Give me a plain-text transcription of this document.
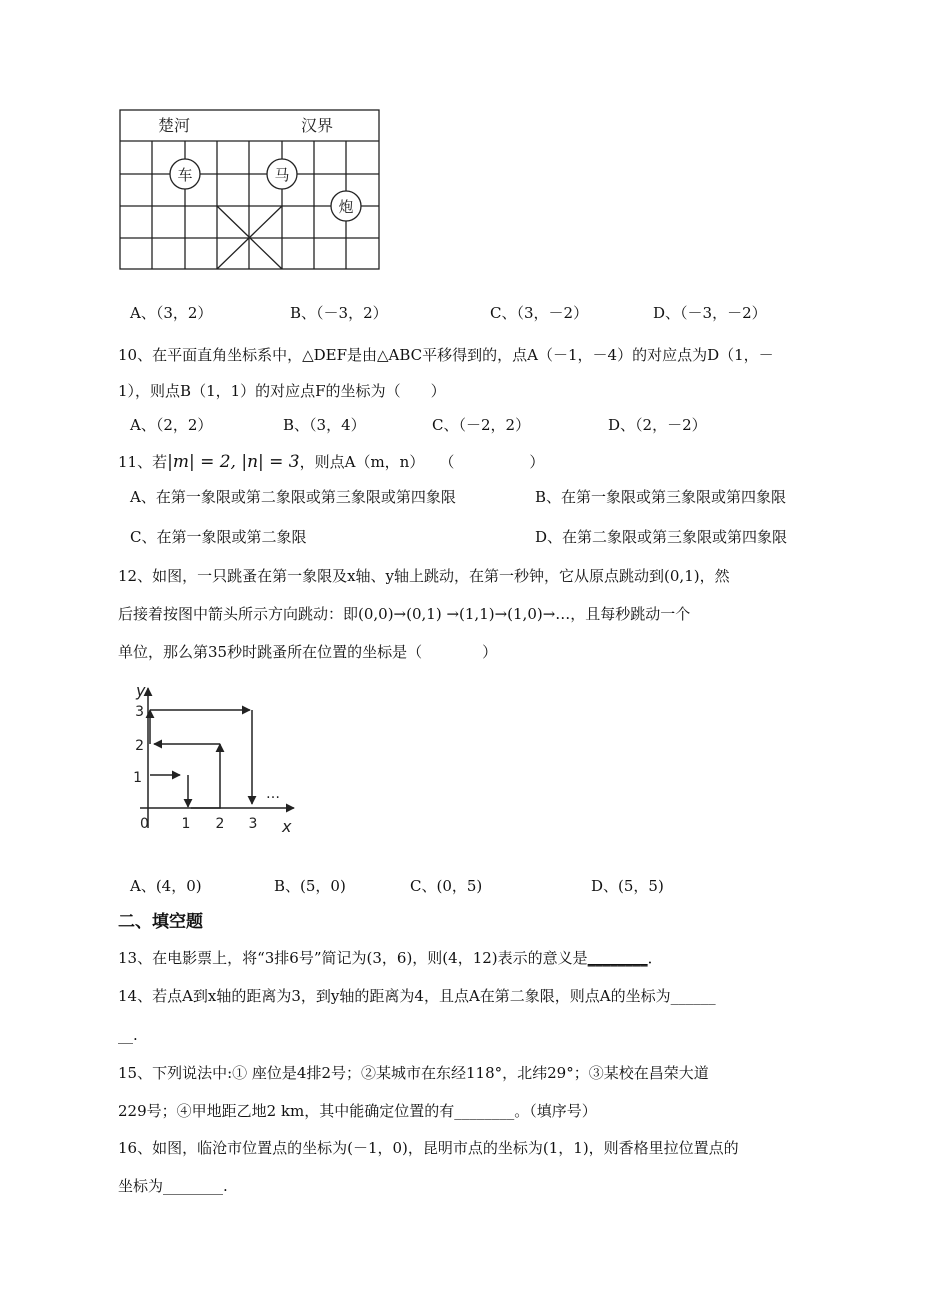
楚河	汉界
车	马
炮
A、（3，2）	B、（－3，2）	C、（3，－2）	D、（－3，－2）
10、在平面直角坐标系中，△DEF是由△ABC平移得到的，点A（－1，－4）的对应点为D（1，－
1），则点B（1，1）的对应点F的坐标为（　　）
A、（2，2）	B、（3，4）	C、（－2，2）	D、（2，－2）
11、若|m| = 2, |n| = 3，则点A（m，n）　　（　　　　　）
A、在第一象限或第二象限或第三象限或第四象限	B、在第一象限或第三象限或第四象限
C、在第一象限或第二象限	D、在第二象限或第三象限或第四象限
12、如图，一只跳蚤在第一象限及x轴、y轴上跳动，在第一秒钟，它从原点跳动到(0,1)，然
后接着按图中箭头所示方向跳动：即(0,0)→(0,1) →(1,1)→(1,0)→…，且每秒跳动一个
单位，那么第35秒时跳蚤所在位置的坐标是（　　　　）
y
x
0 1 2 3
1
2
3
…
A、(4，0)	B、(5，0)	C、(0，5)	D、(5，5)
二、填空题
13、在电影票上，将“3排6号”简记为(3，6)，则(4，12)表示的意义是________．
14、若点A到x轴的距离为3，到y轴的距离为4，且点A在第二象限，则点A的坐标为______
__.
15、下列说法中:① 座位是4排2号；②某城市在东经118°，北纬29°；③某校在昌荣大道
229号；④甲地距乙地2 km，其中能确定位置的有________。（填序号）
16、如图，临沧市位置点的坐标为(－1，0)，昆明市点的坐标为(1，1)，则香格里拉位置点的
坐标为________.
